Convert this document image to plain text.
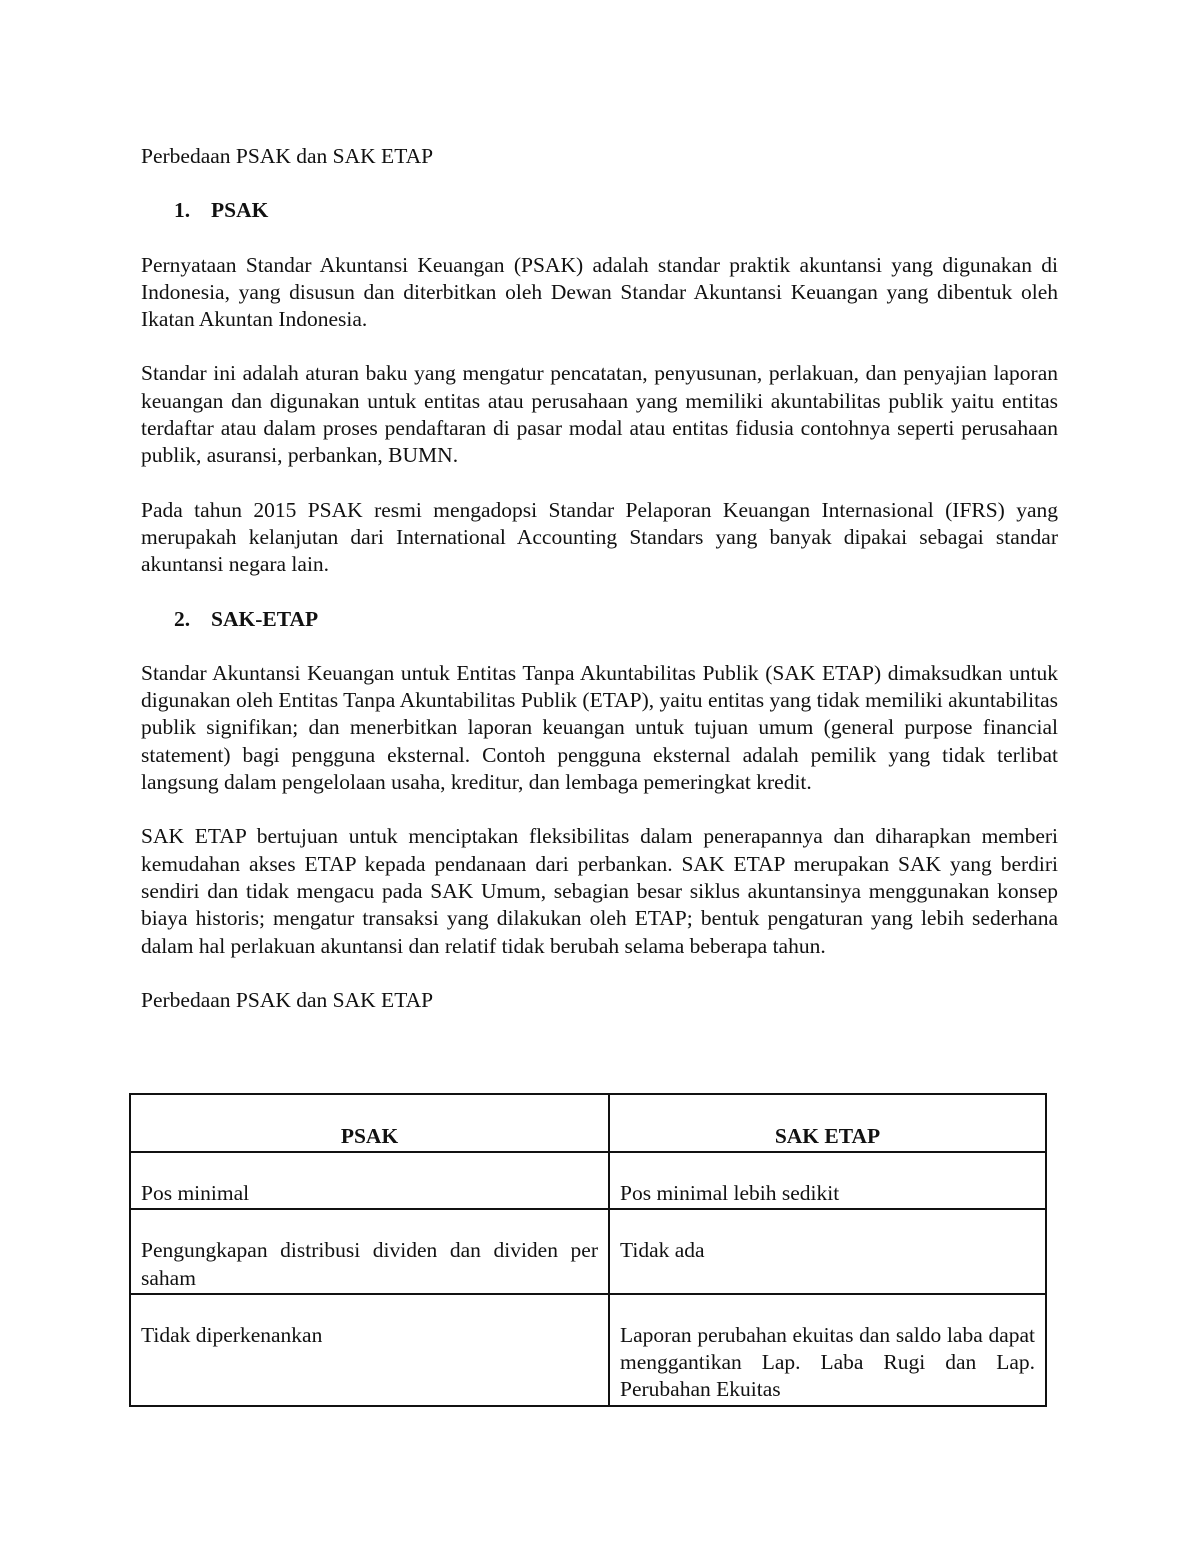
Perbedaan PSAK dan SAK ETAP

1. PSAK

Pernyataan Standar Akuntansi Keuangan (PSAK) adalah standar praktik akuntansi yang digunakan di Indonesia, yang disusun dan diterbitkan oleh Dewan Standar Akuntansi Keuangan yang dibentuk oleh Ikatan Akuntan Indonesia.

Standar ini adalah aturan baku yang mengatur pencatatan, penyusunan, perlakuan, dan penyajian laporan keuangan dan digunakan untuk entitas atau perusahaan yang memiliki akuntabilitas publik yaitu entitas terdaftar atau dalam proses pendaftaran di pasar modal atau entitas fidusia contohnya seperti perusahaan publik, asuransi, perbankan, BUMN.

Pada tahun 2015 PSAK resmi mengadopsi Standar Pelaporan Keuangan Internasional (IFRS) yang merupakah kelanjutan dari International Accounting Standars yang banyak dipakai sebagai standar akuntansi negara lain.

2. SAK-ETAP

Standar Akuntansi Keuangan untuk Entitas Tanpa Akuntabilitas Publik (SAK ETAP) dimaksudkan untuk digunakan oleh Entitas Tanpa Akuntabilitas Publik (ETAP), yaitu entitas yang tidak memiliki akuntabilitas publik signifikan; dan menerbitkan laporan keuangan untuk tujuan umum (general purpose financial statement) bagi pengguna eksternal. Contoh pengguna eksternal adalah pemilik yang tidak terlibat langsung dalam pengelolaan usaha, kreditur, dan lembaga pemeringkat kredit.

SAK ETAP bertujuan untuk menciptakan fleksibilitas dalam penerapannya dan diharapkan memberi kemudahan akses ETAP kepada pendanaan dari perbankan. SAK ETAP merupakan SAK yang berdiri sendiri dan tidak mengacu pada SAK Umum, sebagian besar siklus akuntansinya menggunakan konsep biaya historis; mengatur transaksi yang dilakukan oleh ETAP; bentuk pengaturan yang lebih sederhana dalam hal perlakuan akuntansi dan relatif tidak berubah selama beberapa tahun.

Perbedaan PSAK dan SAK ETAP

PSAK	SAK ETAP

Pos minimal	Pos minimal lebih sedikit

Pengungkapan distribusi dividen dan dividen per saham	Tidak ada

Tidak diperkenankan	Laporan perubahan ekuitas dan saldo laba dapat menggantikan Lap. Laba Rugi dan Lap. Perubahan Ekuitas
